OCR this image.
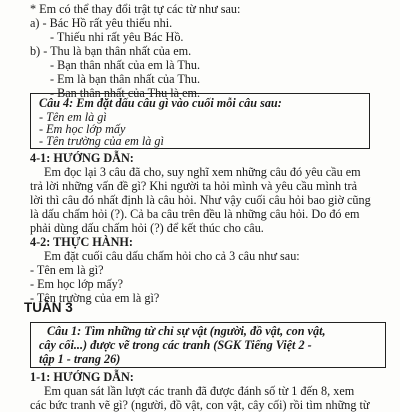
* Em có thể thay đổi trật tự các từ như sau:
a) - Bác Hồ rất yêu thiếu nhi.
- Thiếu nhi rất yêu Bác Hồ.
b) - Thu là bạn thân nhất của em.
- Bạn thân nhất của em là Thu.
- Em là bạn thân nhất của Thu.
- Bạn thân nhất của Thu là em.
Câu 4: Em đặt dấu câu gì vào cuối mỗi câu sau:
- Tên em là gì
- Em học lớp mấy
- Tên trường của em là gì
4-1: HƯỚNG DẪN:
Em đọc lại 3 câu đã cho, suy nghĩ xem những câu đó yêu cầu em
trả lời những vấn đề gì? Khi người ta hỏi mình và yêu cầu mình trả
lời thì câu đó nhất định là câu hỏi. Như vậy cuối câu hỏi bao giờ cũng
là dấu chấm hỏi (?). Cả ba câu trên đều là những câu hỏi. Do đó em
phải dùng dấu chấm hỏi (?) để kết thúc cho câu.
4-2: THỰC HÀNH:
Em đặt cuối câu dấu chấm hỏi cho cả 3 câu như sau:
- Tên em là gì?
- Em học lớp mấy?
- Tên trường của em là gì?
TUẦN 3
Câu 1: Tìm những từ chỉ sự vật (người, đồ vật, con vật,
cây cối...) được vẽ trong các tranh (SGK Tiếng Việt 2 -
tập 1 - trang 26)
1-1: HƯỚNG DẪN:
Em quan sát lần lượt các tranh đã được đánh số từ 1 đến 8, xem
các bức tranh vẽ gì? (người, đồ vật, con vật, cây cối) rồi tìm những từ
